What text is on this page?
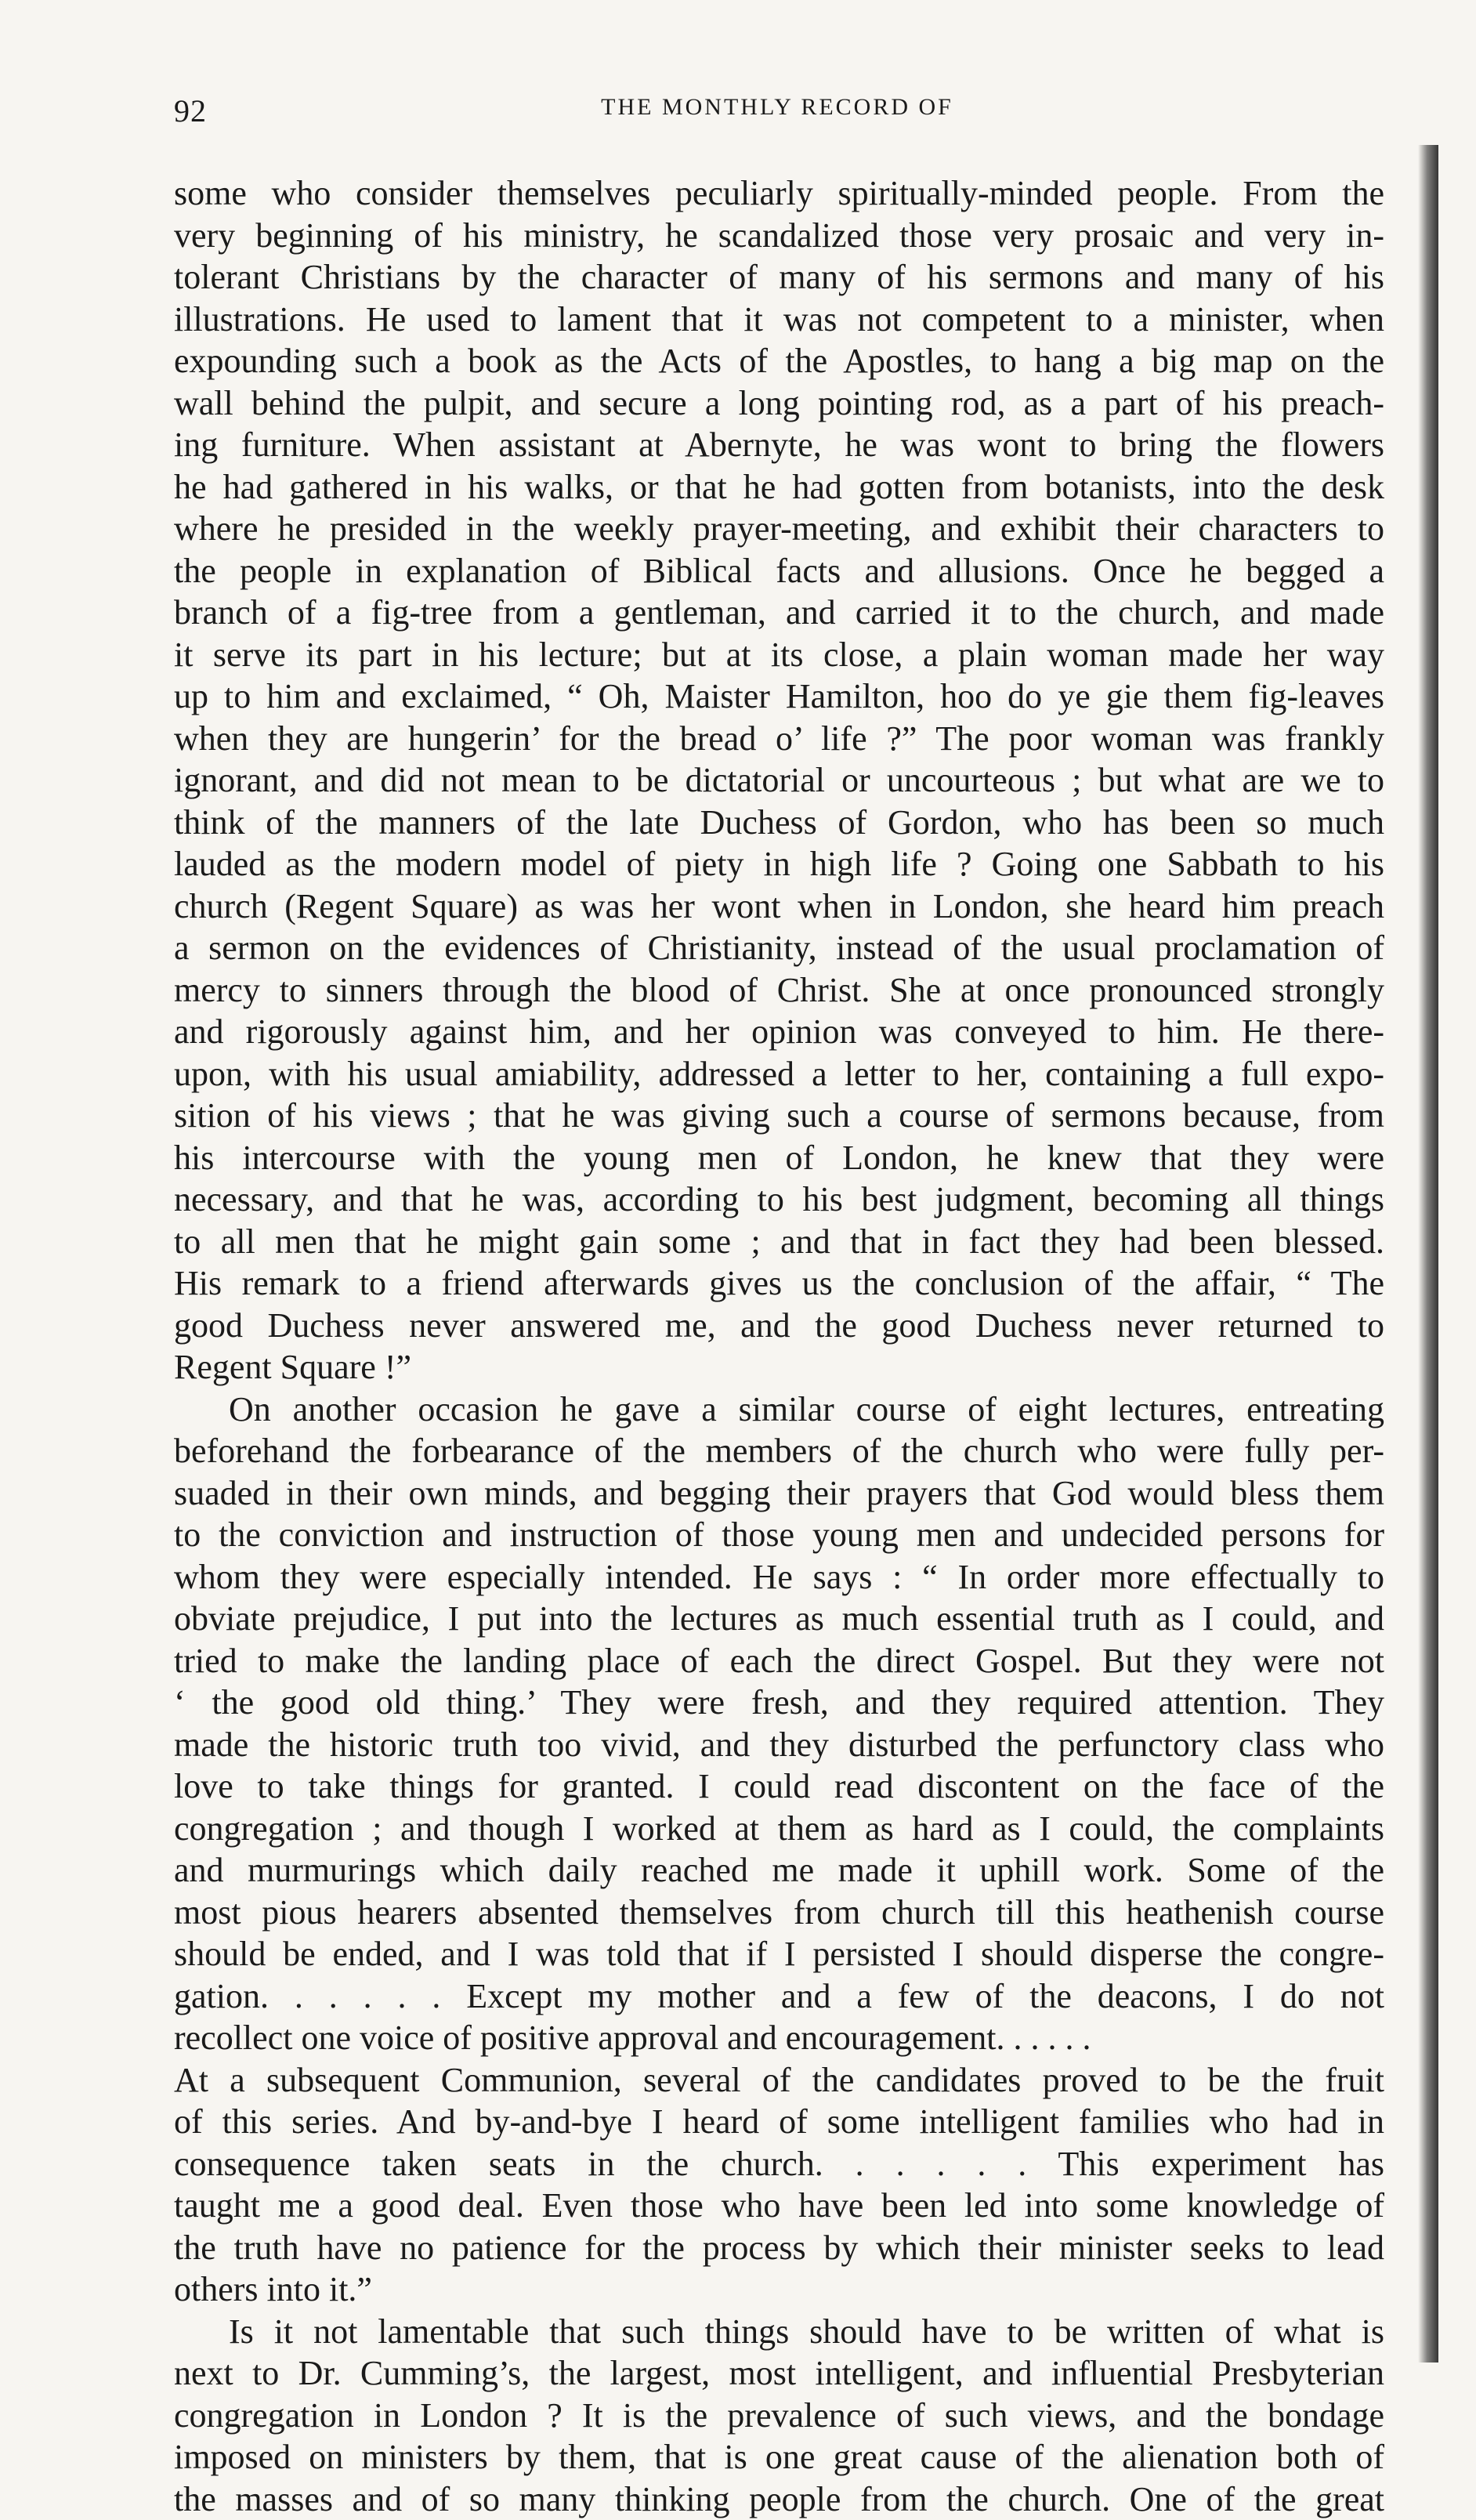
92	THE MONTHLY RECORD OF
some who consider themselves peculiarly spiritually-minded people. From the
very beginning of his ministry, he scandalized those very prosaic and very in-
tolerant Christians by the character of many of his sermons and many of his
illustrations. He used to lament that it was not competent to a minister, when
expounding such a book as the Acts of the Apostles, to hang a big map on the
wall behind the pulpit, and secure a long pointing rod, as a part of his preach-
ing furniture. When assistant at Abernyte, he was wont to bring the flowers
he had gathered in his walks, or that he had gotten from botanists, into the desk
where he presided in the weekly prayer-meeting, and exhibit their characters to
the people in explanation of Biblical facts and allusions. Once he begged a
branch of a fig-tree from a gentleman, and carried it to the church, and made
it serve its part in his lecture; but at its close, a plain woman made her way
up to him and exclaimed, “ Oh, Maister Hamilton, hoo do ye gie them fig-leaves
when they are hungerin’ for the bread o’ life ?” The poor woman was frankly
ignorant, and did not mean to be dictatorial or uncourteous ; but what are we to
think of the manners of the late Duchess of Gordon, who has been so much
lauded as the modern model of piety in high life ? Going one Sabbath to his
church (Regent Square) as was her wont when in London, she heard him preach
a sermon on the evidences of Christianity, instead of the usual proclamation of
mercy to sinners through the blood of Christ. She at once pronounced strongly
and rigorously against him, and her opinion was conveyed to him. He there-
upon, with his usual amiability, addressed a letter to her, containing a full expo-
sition of his views ; that he was giving such a course of sermons because, from
his intercourse with the young men of London, he knew that they were
necessary, and that he was, according to his best judgment, becoming all things
to all men that he might gain some ; and that in fact they had been blessed.
His remark to a friend afterwards gives us the conclusion of the affair, “ The
good Duchess never answered me, and the good Duchess never returned to
Regent Square !”
On another occasion he gave a similar course of eight lectures, entreating
beforehand the forbearance of the members of the church who were fully per-
suaded in their own minds, and begging their prayers that God would bless them
to the conviction and instruction of those young men and undecided persons for
whom they were especially intended. He says : “ In order more effectually to
obviate prejudice, I put into the lectures as much essential truth as I could, and
tried to make the landing place of each the direct Gospel. But they were not
‘ the good old thing.’ They were fresh, and they required attention. They
made the historic truth too vivid, and they disturbed the perfunctory class who
love to take things for granted. I could read discontent on the face of the
congregation ; and though I worked at them as hard as I could, the complaints
and murmurings which daily reached me made it uphill work. Some of the
most pious hearers absented themselves from church till this heathenish course
should be ended, and I was told that if I persisted I should disperse the congre-
gation. . . . . . Except my mother and a few of the deacons, I do not
recollect one voice of positive approval and encouragement. . . . . .
At a subsequent Communion, several of the candidates proved to be the fruit
of this series. And by-and-bye I heard of some intelligent families who had in
consequence taken seats in the church. . . . . . This experiment has
taught me a good deal. Even those who have been led into some knowledge of
the truth have no patience for the process by which their minister seeks to lead
others into it.”
Is it not lamentable that such things should have to be written of what is
next to Dr. Cumming’s, the largest, most intelligent, and influential Presbyterian
congregation in London ? It is the prevalence of such views, and the bondage
imposed on ministers by them, that is one great cause of the alienation both of
the masses and of so many thinking people from the church. One of the great
